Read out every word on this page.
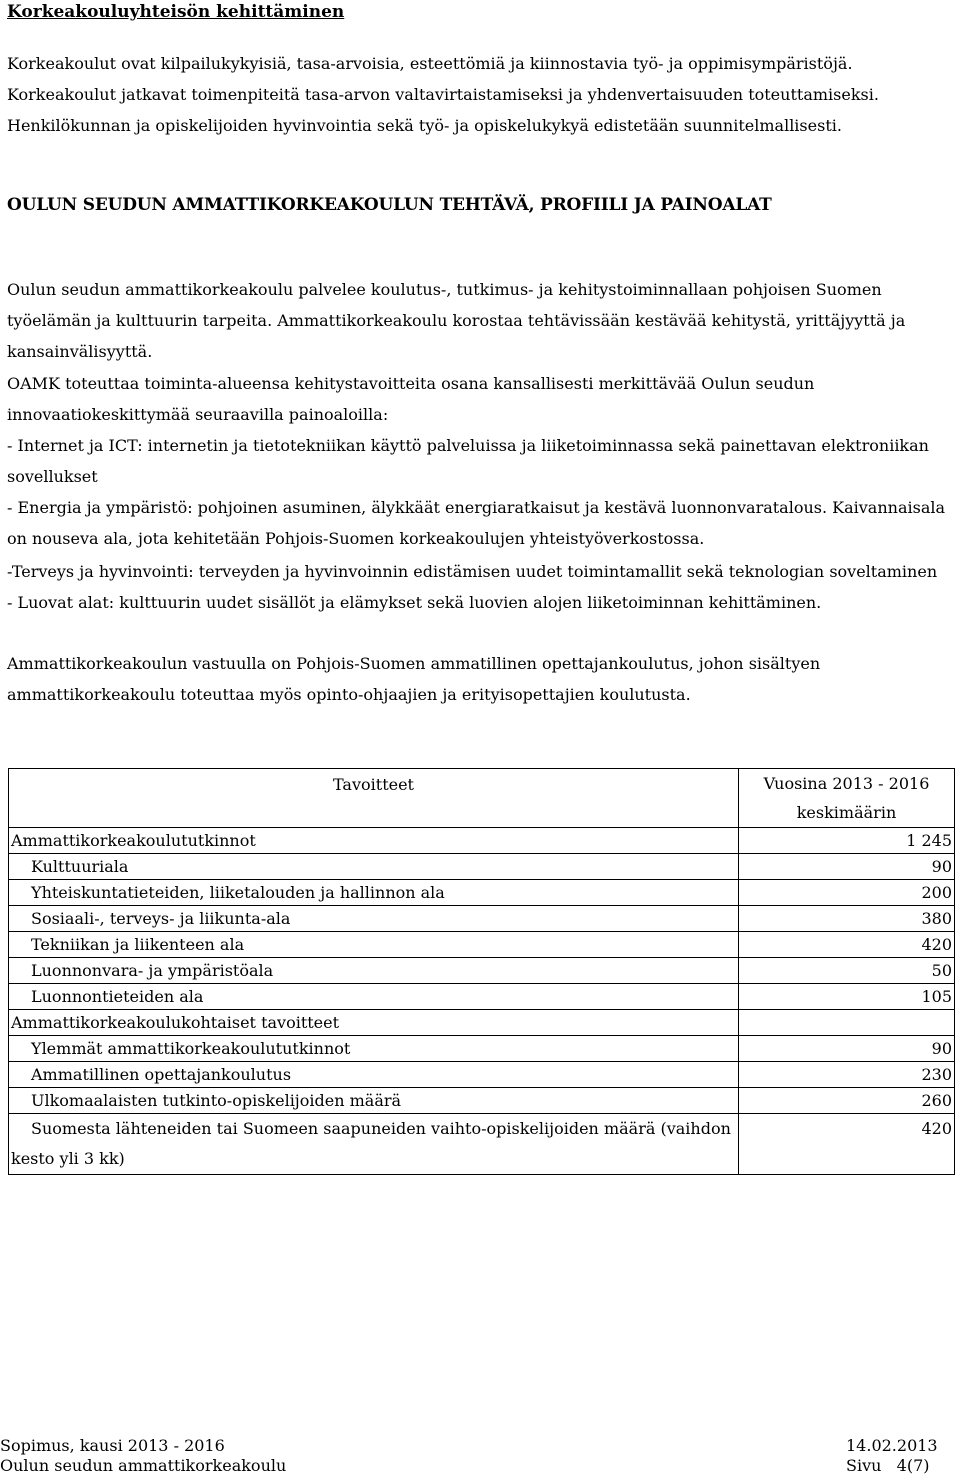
Korkeakouluyhteisön kehittäminen

Korkeakoulut ovat kilpailukykyisiä, tasa-arvoisia, esteettömiä ja kiinnostavia työ- ja oppimisympäristöjä. Korkeakoulut jatkavat toimenpiteitä tasa-arvon valtavirtaistamiseksi ja yhdenvertaisuuden toteuttamiseksi. Henkilökunnan ja opiskelijoiden hyvinvointia sekä työ- ja opiskelukykyä edistetään suunnitelmallisesti.

OULUN SEUDUN AMMATTIKORKEAKOULUN TEHTÄVÄ, PROFIILI JA PAINOALAT

Oulun seudun ammattikorkeakoulu palvelee koulutus-, tutkimus- ja kehitystoiminnallaan pohjoisen Suomen työelämän ja kulttuurin tarpeita. Ammattikorkeakoulu korostaa tehtävissään kestävää kehitystä, yrittäjyyttä ja kansainvälisyyttä.

OAMK toteuttaa toiminta-alueensa kehitystavoitteita osana kansallisesti merkittävää Oulun seudun innovaatiokeskittymää seuraavilla painoaloilla:

- Internet ja ICT: internetin ja tietotekniikan käyttö palveluissa ja liiketoiminnassa sekä painettavan elektroniikan sovellukset

- Energia ja ympäristö: pohjoinen asuminen, älykkäät energiaratkaisut ja kestävä luonnonvaratalous. Kaivannaisala on nouseva ala, jota kehitetään Pohjois-Suomen korkeakoulujen yhteistyöverkostossa.

-Terveys ja hyvinvointi: terveyden ja hyvinvoinnin edistämisen uudet toimintamallit sekä teknologian soveltaminen

- Luovat alat: kulttuurin uudet sisällöt ja elämykset sekä luovien alojen liiketoiminnan kehittäminen.

Ammattikorkeakoulun vastuulla on Pohjois-Suomen ammatillinen opettajankoulutus, johon sisältyen ammattikorkeakoulu toteuttaa myös opinto-ohjaajien ja erityisopettajien koulutusta.

Tavoitteet	Vuosina 2013 - 2016 keskimäärin
Ammattikorkeakoulututkinnot	1 245
Kulttuuriala	90
Yhteiskuntatieteiden, liiketalouden ja hallinnon ala	200
Sosiaali-, terveys- ja liikunta-ala	380
Tekniikan ja liikenteen ala	420
Luonnonvara- ja ympäristöala	50
Luonnontieteiden ala	105
Ammattikorkeakoulukohtaiset tavoitteet	
Ylemmät ammattikorkeakoulututkinnot	90
Ammatillinen opettajankoulutus	230
Ulkomaalaisten tutkinto-opiskelijoiden määrä	260
Suomesta lähteneiden tai Suomeen saapuneiden vaihto-opiskelijoiden määrä (vaihdon kesto yli 3 kk)	420

Sopimus, kausi 2013 - 2016

Oulun seudun ammattikorkeakoulu

14.02.2013

Sivu   4(7)
